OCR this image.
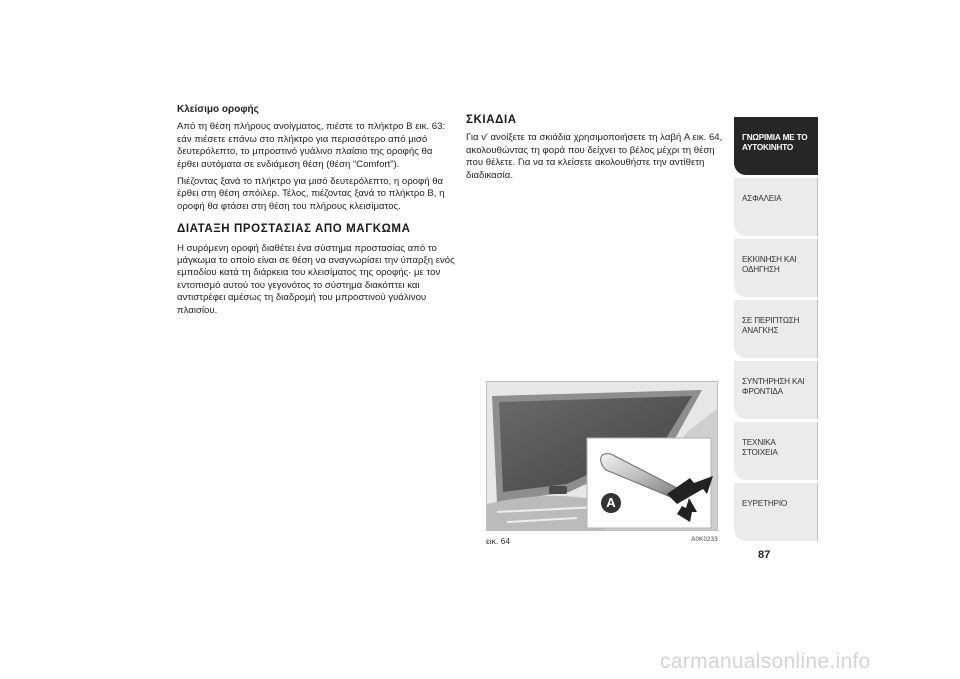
Κλείσιμο οροφής
Από τη θέση πλήρους ανοίγματος, πιέστε το πλήκτρο B εικ. 63: εάν πιέσετε επάνω στο πλήκτρο για περισσότερο από μισό δευτερόλεπτο, το μπροστινό γυάλινο πλαίσιο της οροφής θα έρθει αυτόματα σε ενδιάμεση θέση (θέση “Comfort”).
Πιέζοντας ξανά το πλήκτρο για μισό δευτερόλεπτο, η οροφή θα έρθει στη θέση σπόιλερ. Τέλος, πιέζοντας ξανά το πλήκτρο B, η οροφή θα φτάσει στη θέση του πλήρους κλεισίματος.
ΔΙΑΤΑΞΗ ΠΡΟΣΤΑΣΙΑΣ ΑΠΟ ΜΑΓΚΩΜΑ
Η συρόμενη οροφή διαθέτει ένα σύστημα προστασίας από το μάγκωμα το οποίο είναι σε θέση να αναγνωρίσει την ύπαρξη ενός εμποδίου κατά τη διάρκεια του κλεισίματος της οροφής· με τον εντοπισμό αυτού του γεγονότος το σύστημα διακόπτει και αντιστρέφει αμέσως τη διαδρομή του μπροστινού γυάλινου πλαισίου.
ΣΚΙΑΔΙΑ
Για ν' ανοίξετε τα σκιάδια χρησιμοποιήσετε τη λαβή A εικ. 64, ακολουθώντας τη φορά που δείχνει το βέλος μέχρι τη θέση που θέλετε. Για να τα κλείσετε ακολουθήστε την αντίθετη διαδικασία.
A
εικ. 64	A0K0233
ΓΝΩΡΙΜΙΑ ΜΕ ΤΟ ΑΥΤΟΚΙΝΗΤΟ
ΑΣΦΑΛΕΙΑ
ΕΚΚΙΝΗΣΗ ΚΑΙ ΟΔΗΓΗΣΗ
ΣΕ ΠΕΡΙΠΤΩΣΗ ΑΝΑΓΚΗΣ
ΣΥΝΤΗΡΗΣΗ ΚΑΙ ΦΡΟΝΤΙΔΑ
ΤΕΧΝΙΚΑ ΣΤΟΙΧΕΙΑ
ΕΥΡΕΤΗΡΙΟ
87
carmanualsonline.info
